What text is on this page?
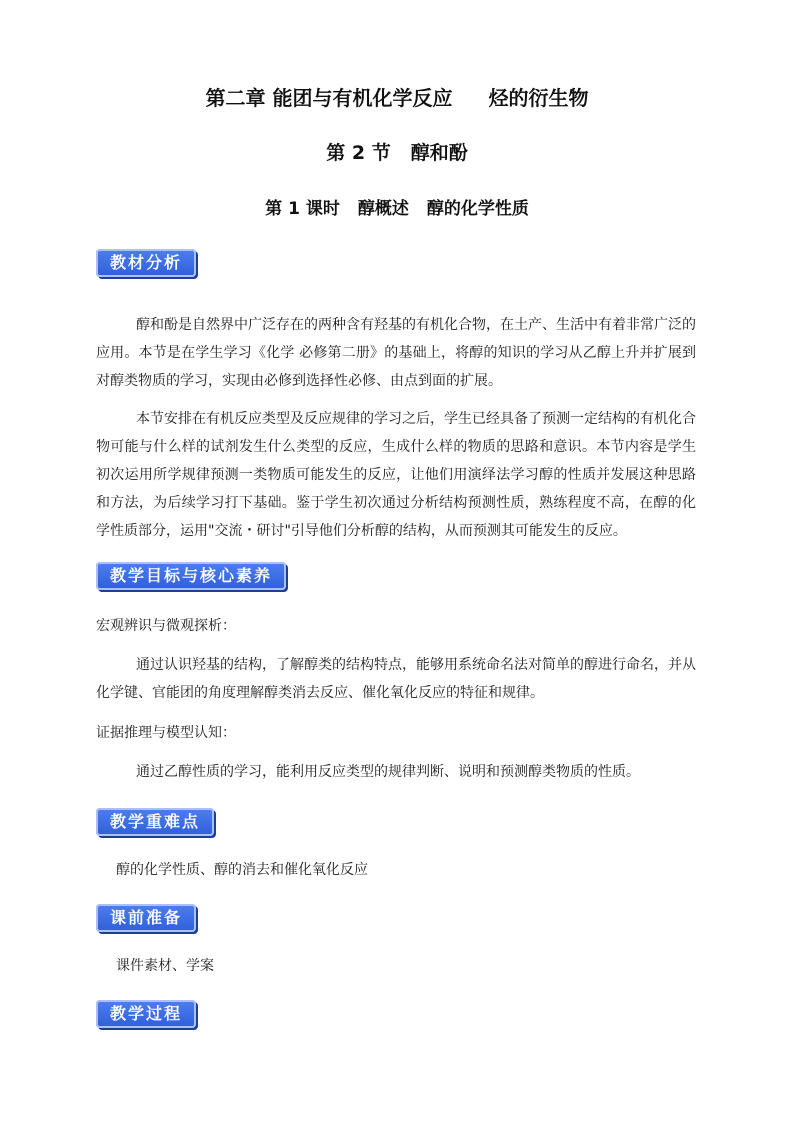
第二章 能团与有机化学反应 烃的衍生物
第 2 节 醇和酚
第 1 课时 醇概述 醇的化学性质
教材分析
醇和酚是自然界中广泛存在的两种含有羟基的有机化合物，在土产、生活中有着非常广泛的应用。本节是在学生学习《化学 必修第二册》的基础上，将醇的知识的学习从乙醇上升并扩展到对醇类物质的学习，实现由必修到选择性必修、由点到面的扩展。
本节安排在有机反应类型及反应规律的学习之后，学生已经具备了预测一定结构的有机化合物可能与什么样的试剂发生什么类型的反应，生成什么样的物质的思路和意识。本节内容是学生初次运用所学规律预测一类物质可能发生的反应，让他们用演绎法学习醇的性质并发展这种思路和方法，为后续学习打下基础。鉴于学生初次通过分析结构预测性质，熟练程度不高，在醇的化学性质部分，运用"交流・研讨"引导他们分析醇的结构，从而预测其可能发生的反应。
教学目标与核心素养
宏观辨识与微观探析：
通过认识羟基的结构，了解醇类的结构特点，能够用系统命名法对简单的醇进行命名，并从化学键、官能团的角度理解醇类消去反应、催化氧化反应的特征和规律。
证据推理与模型认知：
通过乙醇性质的学习，能利用反应类型的规律判断、说明和预测醇类物质的性质。
教学重难点
醇的化学性质、醇的消去和催化氧化反应
课前准备
课件素材、学案
教学过程
